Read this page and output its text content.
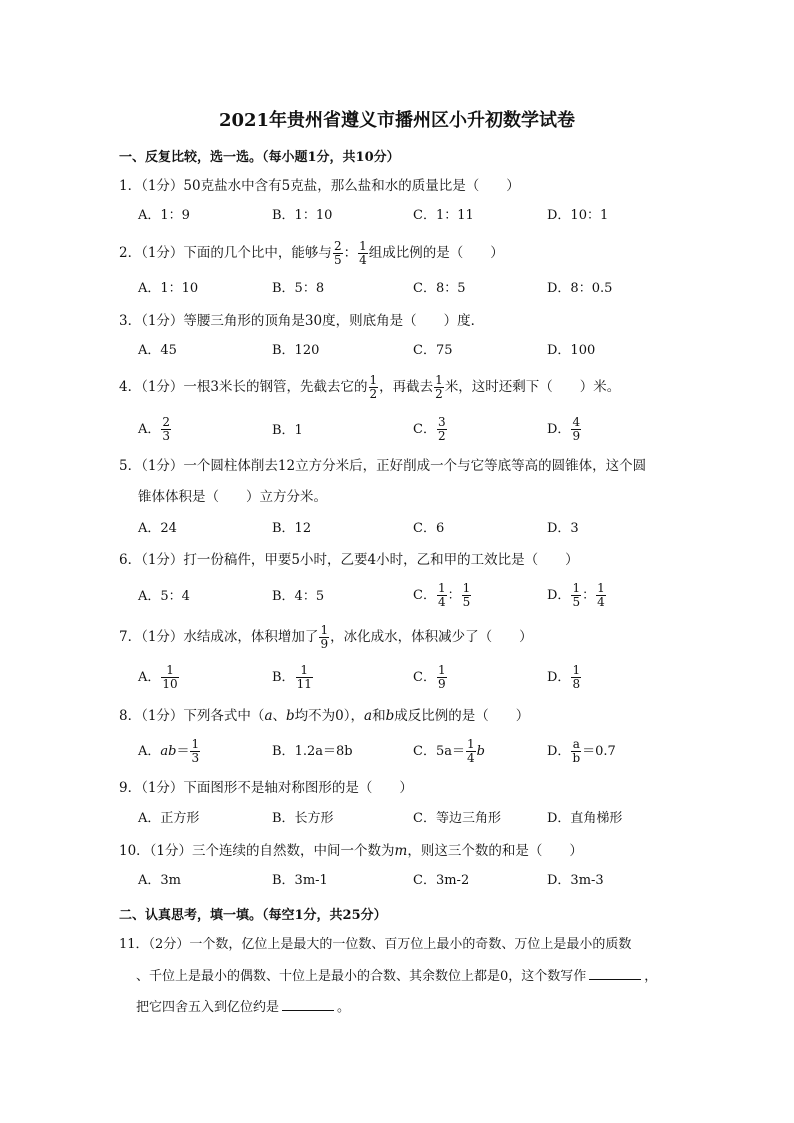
2021年贵州省遵义市播州区小升初数学试卷
一、反复比较，选一选。（每小题1分，共10分）
1．（1分）50克盐水中含有5克盐，那么盐和水的质量比是（　　）
A．1：9	B．1：10	C．1：11	D．10：1
2．（1分）下面的几个比中，能够与 $\frac{2}{5}$ ： $\frac{1}{4}$ 组成比例的是（　　）
A．1：10	B．5：8	C．8：5	D．8：0.5
3．（1分）等腰三角形的顶角是30度，则底角是（　　）度．
A．45	B．120	C．75	D．100
4．（1分）一根3米长的钢管，先截去它的 $\frac{1}{2}$ ，再截去 $\frac{1}{2}$ 米，这时还剩下（　　）米。
A． $\frac{2}{3}$	B．1	C． $\frac{3}{2}$	D． $\frac{4}{9}$
5．（1分）一个圆柱体削去12立方分米后，正好削成一个与它等底等高的圆锥体，这个圆
锥体体积是（　　）立方分米。
A．24	B．12	C．6	D．3
6．（1分）打一份稿件，甲要5小时，乙要4小时，乙和甲的工效比是（　　）
A．5：4	B．4：5	C． $\frac{1}{4}$ ： $\frac{1}{5}$	D． $\frac{1}{5}$ ： $\frac{1}{4}$
7．（1分）水结成冰，体积增加了 $\frac{1}{9}$ ，冰化成水，体积减少了（　　）
A． $\frac{1}{10}$	B． $\frac{1}{11}$	C． $\frac{1}{9}$	D． $\frac{1}{8}$
8．（1分）下列各式中（a、b均不为0），a和b成反比例的是（　　）
A．$ab= \frac{1}{3}$	B．1.2a＝8b	C．$5a= \frac{1}{4}$ b	D． $\frac{a}{b} =0.7$
9．（1分）下面图形不是轴对称图形的是（　　）
A．正方形	B．长方形	C．等边三角形	D．直角梯形
10．（1分）三个连续的自然数，中间一个数为m，则这三个数的和是（　　）
A．3m	B．3m-1	C．3m-2	D．3m-3
二、认真思考，填一填。（每空1分，共25分）
11．（2分）一个数，亿位上是最大的一位数、百万位上最小的奇数、万位上是最小的质数
、千位上是最小的偶数、十位上是最小的合数、其余数位上都是0，这个数写作	，
把它四舍五入到亿位约是	。
